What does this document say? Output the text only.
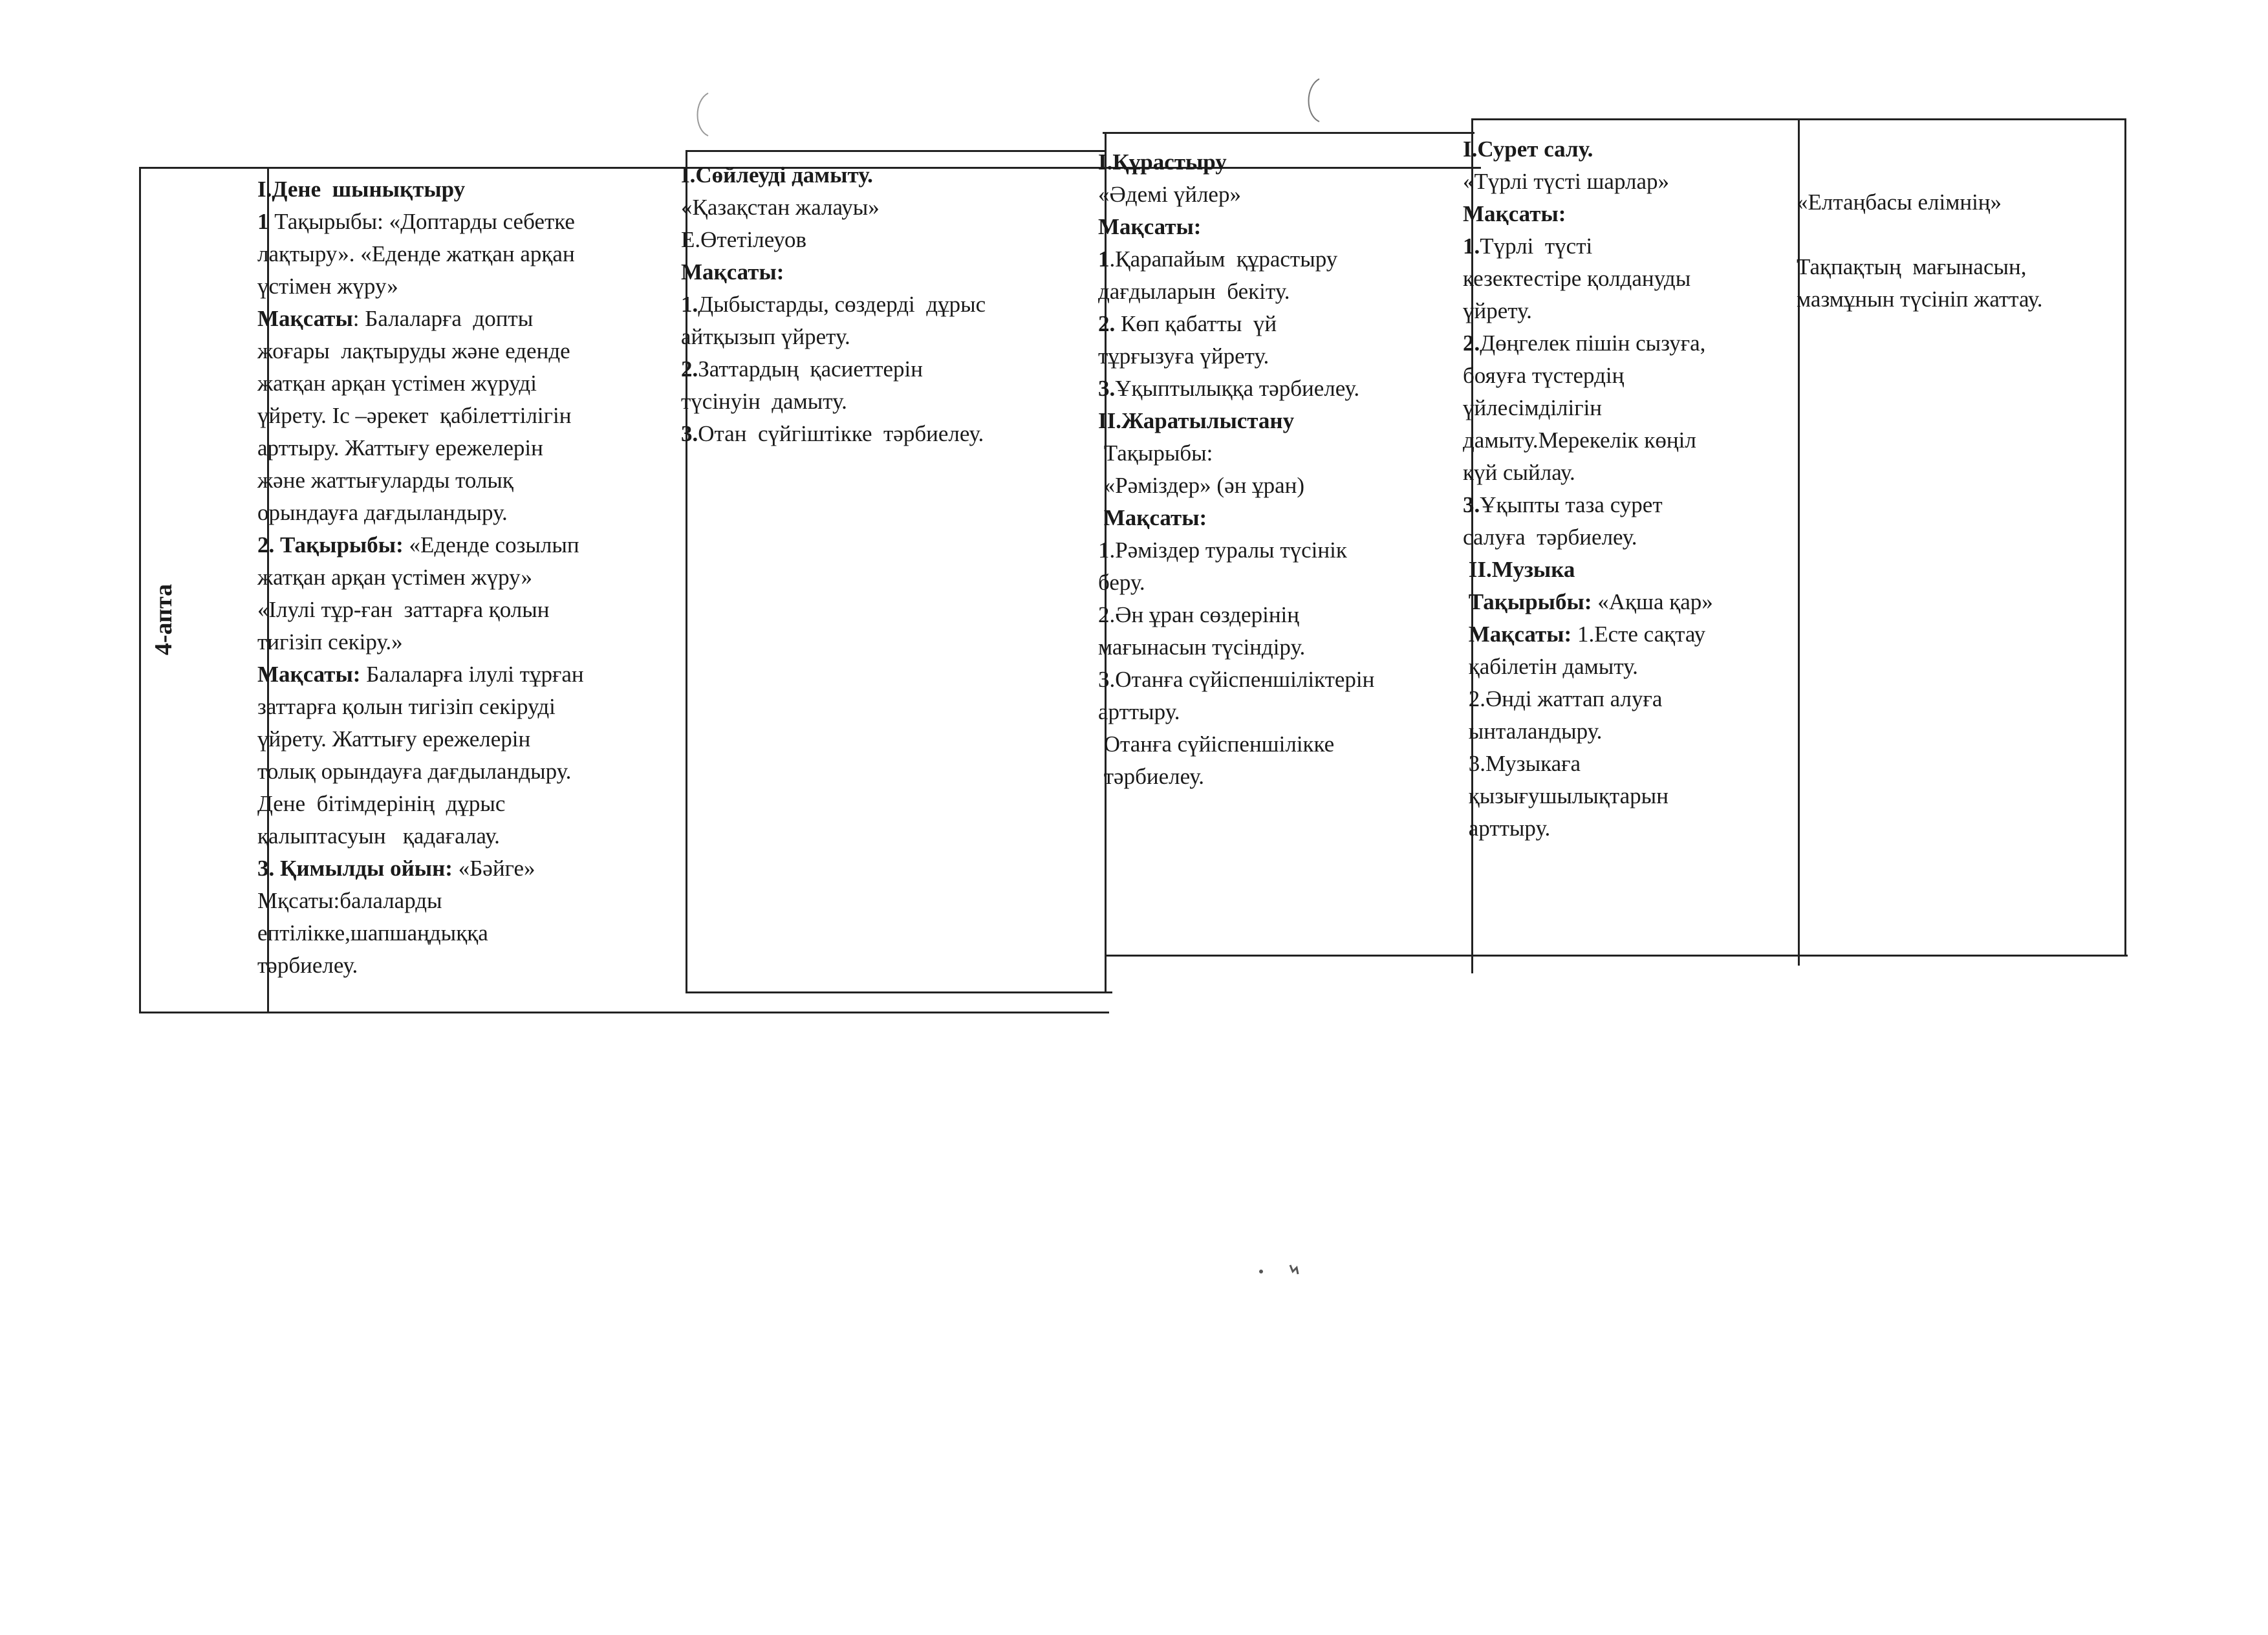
4-апта

I.Дене  шынықтыру

1 Тақырыбы: «Доптарды себетке

лақтыру». «Еденде жатқан арқан

үстімен жүру»

Мақсаты: Балаларға  допты

жоғары  лақтыруды және еденде

жатқан арқан үстімен жүруді

үйрету. Іс –әрекет  қабілеттілігін

арттыру. Жаттығу ережелерін

және жаттығуларды толық

орындауға дағдыландыру.

2. Тақырыбы: «Еденде созылып

жатқан арқан үстімен жүру»

«Ілулі тұр-ған  заттарға қолын

тигізіп секіру.»

Мақсаты: Балаларға ілулі тұрған

заттарға қолын тигізіп секіруді

үйрету. Жаттығу ережелерін

толық орындауға дағдыландыру.

Дене  бітімдерінің  дұрыс

қалыптасуын   қадағалау.

3. Қимылды ойын: «Бәйге»

Мқсаты:балаларды

ептілікке,шапшаңдыққа

тәрбиелеу.

I.Сөйлеуді дамыту.

«Қазақстан жалауы»

Е.Өтетілеуов

Мақсаты:

1.Дыбыстарды, сөздерді  дұрыс

айтқызып үйрету.

2.Заттардың  қасиеттерін

түсінуін  дамыту.

3.Отан  сүйгіштікке  тәрбиелеу.

I.Құрастыру

«Әдемі үйлер»

Мақсаты:

1.Қарапайым  құрастыру

дағдыларын  бекіту.

2. Көп қабатты  үй

тұрғызуға үйрету.

3.Ұқыптылыққа тәрбиелеу.

II.Жаратылыстану

Тақырыбы:

«Рәміздер» (ән ұран)

Мақсаты:

1.Рәміздер туралы түсінік

беру.

2.Ән ұран сөздерінің

мағынасын түсіндіру.

3.Отанға сүйіспеншіліктерін

арттыру.

Отанға сүйіспеншілікке

тәрбиелеу.

I.Сурет салу.

«Түрлі түсті шарлар»

Мақсаты:

1.Түрлі  түсті

кезектестіре қолдануды

үйрету.

2.Дөңгелек пішін сызуға,

бояуға түстердің

үйлесімділігін

дамыту.Мерекелік көңіл

күй сыйлау.

3.Ұқыпты таза сурет

салуға  тәрбиелеу.

II.Музыка

Тақырыбы: «Ақша қар»

Мақсаты: 1.Есте сақтау

қабілетін дамыту.

2.Әнді жаттап алуға

ынталандыру.

3.Музыкаға

қызығушылықтарын

арттыру.

«Елтаңбасы елімнің»

Тақпақтың  мағынасын,

мазмұнын түсініп жаттау.
